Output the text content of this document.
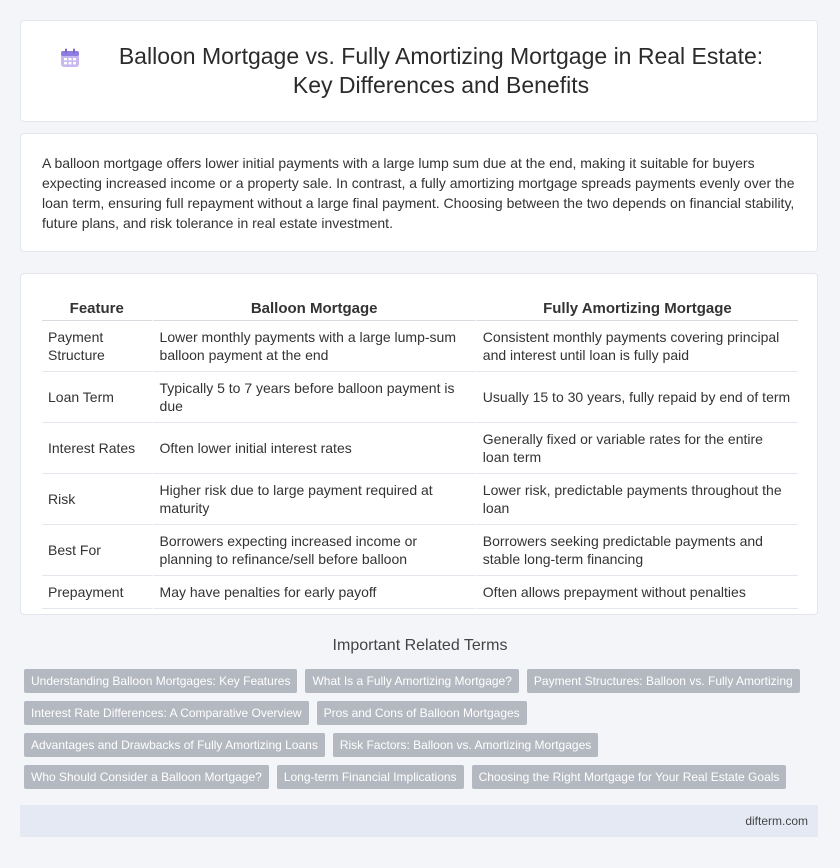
Balloon Mortgage vs. Fully Amortizing Mortgage in Real Estate: Key Differences and Benefits

A balloon mortgage offers lower initial payments with a large lump sum due at the end, making it suitable for buyers expecting increased income or a property sale. In contrast, a fully amortizing mortgage spreads payments evenly over the loan term, ensuring full repayment without a large final payment. Choosing between the two depends on financial stability, future plans, and risk tolerance in real estate investment.

Feature	Balloon Mortgage	Fully Amortizing Mortgage
Payment Structure	Lower monthly payments with a large lump-sum balloon payment at the end	Consistent monthly payments covering principal and interest until loan is fully paid
Loan Term	Typically 5 to 7 years before balloon payment is due	Usually 15 to 30 years, fully repaid by end of term
Interest Rates	Often lower initial interest rates	Generally fixed or variable rates for the entire loan term
Risk	Higher risk due to large payment required at maturity	Lower risk, predictable payments throughout the loan
Best For	Borrowers expecting increased income or planning to refinance/sell before balloon	Borrowers seeking predictable payments and stable long-term financing
Prepayment	May have penalties for early payoff	Often allows prepayment without penalties
Important Related Terms
Understanding Balloon Mortgages: Key Features	What Is a Fully Amortizing Mortgage?	Payment Structures: Balloon vs. Fully Amortizing
Interest Rate Differences: A Comparative Overview	Pros and Cons of Balloon Mortgages
Advantages and Drawbacks of Fully Amortizing Loans	Risk Factors: Balloon vs. Amortizing Mortgages
Who Should Consider a Balloon Mortgage?	Long-term Financial Implications	Choosing the Right Mortgage for Your Real Estate Goals
difterm.com
